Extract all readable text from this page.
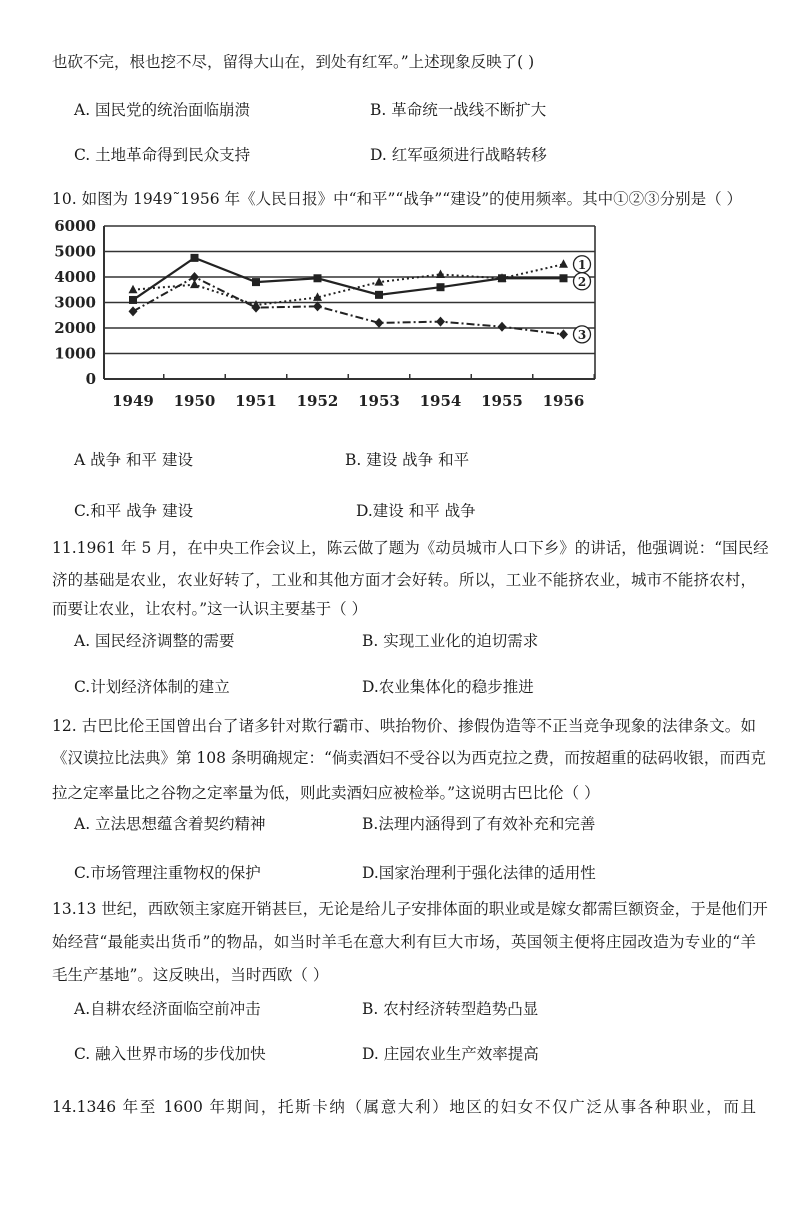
也砍不完，根也挖不尽，留得大山在，到处有红军。”上述现象反映了( )
A. 国民党的统治面临崩溃	B. 革命统一战线不断扩大
C. 土地革命得到民众支持	D. 红军亟须进行战略转移
10. 如图为 1949˜1956 年《人民日报》中“和平”“战争”“建设”的使用频率。其中①②③分别是（ ）
6000
5000
4000
3000
2000
1000
0
1949 1950 1951 1952 1953 1954 1955 1956
1
2
3
A 战争 和平 建设	B. 建设 战争 和平
C.和平 战争 建设	D.建设 和平 战争
11.1961 年 5 月，在中央工作会议上，陈云做了题为《动员城市人口下乡》的讲话，他强调说：“国民经
济的基础是农业，农业好转了，工业和其他方面才会好转。所以，工业不能挤农业，城市不能挤农村，
而要让农业，让农村。”这一认识主要基于（ ）
A. 国民经济调整的需要	B. 实现工业化的迫切需求
C.计划经济体制的建立	D.农业集体化的稳步推进
12. 古巴比伦王国曾出台了诸多针对欺行霸市、哄抬物价、掺假伪造等不正当竞争现象的法律条文。如
《汉谟拉比法典》第 108 条明确规定：“倘卖酒妇不受谷以为西克拉之费，而按超重的砝码收银，而西克
拉之定率量比之谷物之定率量为低，则此卖酒妇应被检举。”这说明古巴比伦（ ）
A. 立法思想蕴含着契约精神	B.法理内涵得到了有效补充和完善
C.市场管理注重物权的保护	D.国家治理利于强化法律的适用性
13.13 世纪，西欧领主家庭开销甚巨，无论是给儿子安排体面的职业或是嫁女都需巨额资金，于是他们开
始经营“最能卖出货币”的物品，如当时羊毛在意大利有巨大市场，英国领主便将庄园改造为专业的“羊
毛生产基地”。这反映出，当时西欧（ ）
A.自耕农经济面临空前冲击	B. 农村经济转型趋势凸显
C. 融入世界市场的步伐加快	D. 庄园农业生产效率提高
14.1346 年至 1600 年期间，托斯卡纳（属意大利）地区的妇女不仅广泛从事各种职业，而且
